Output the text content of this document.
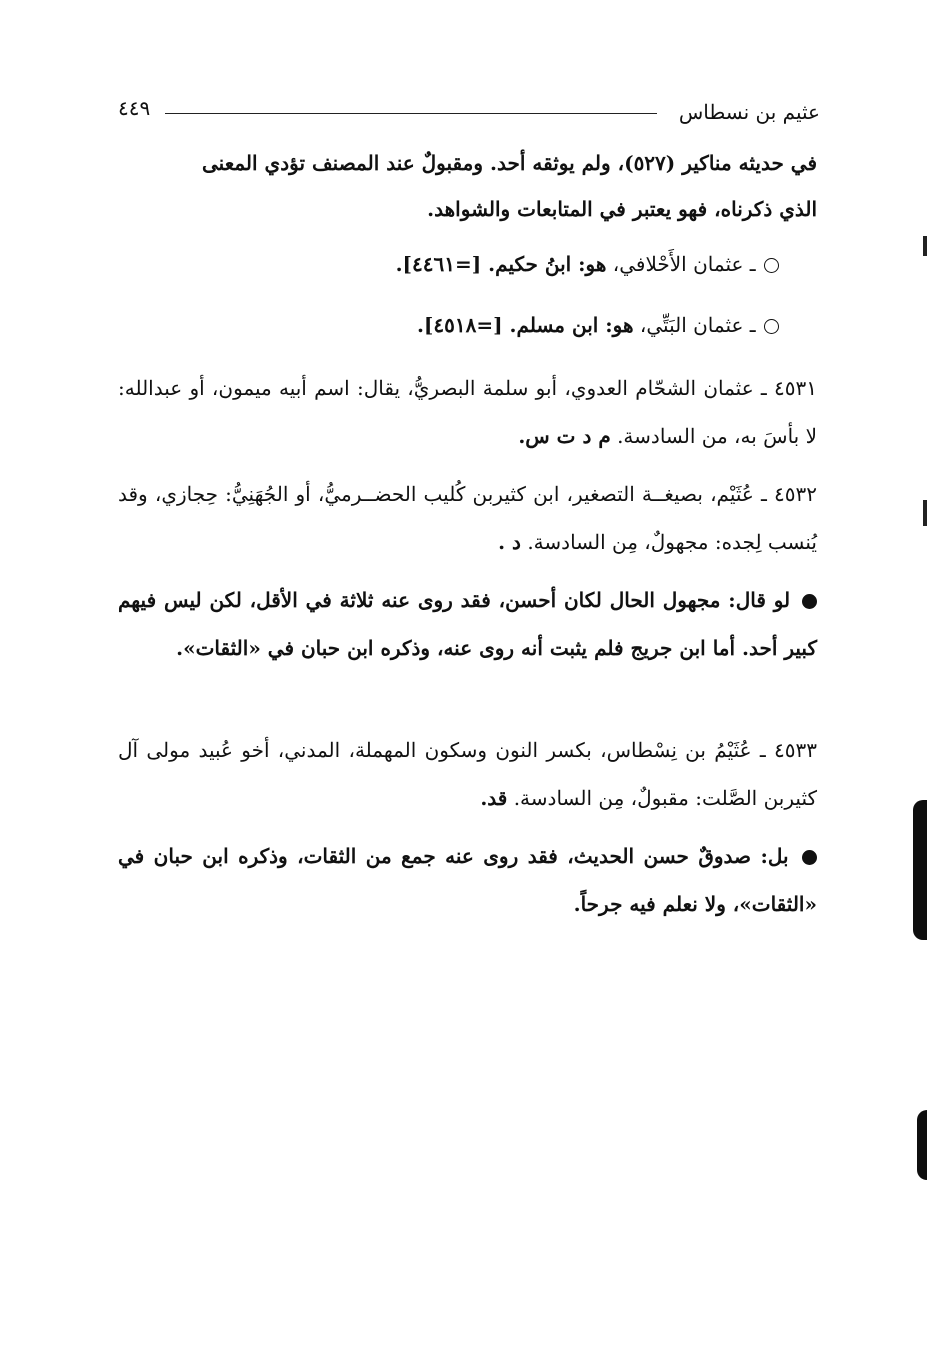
عثيم بن نسطاس
٤٤٩
في حديثه مناكير (٥٢٧)، ولم يوثقه أحد. ومقبولٌ عند المصنف تؤدي المعنى
الذي ذكرناه، فهو يعتبر في المتابعات والشواهد.
ـ عثمان الأَحْلافي، هو: ابنُ حكيم. [=٤٤٦١].
ـ عثمان البَتِّي، هو: ابن مسلم. [=٤٥١٨].
٤٥٣١ ـ عثمان الشحّام العدوي، أبو سلمة البصريُّ، يقال: اسم أبيه ميمون، أو عبدالله: لا بأسَ به، من السادسة. م د ت س.
٤٥٣٢ ـ عُثَيْم، بصيغــة التصغير، ابن كثيربن كُليب الحضــرميُّ، أو الجُهَنِيُّ: حِجازي، وقد يُنسب لِجده: مجهولٌ، مِن السادسة. د .
لو قال: مجهول الحال لكان أحسن، فقد روى عنه ثلاثة في الأقل، لكن ليس فيهم كبير أحد. أما ابن جريج فلم يثبت أنه روى عنه، وذكره ابن حبان في «الثقات».
٤٥٣٣ ـ عُثَيْمُ بن نِسْطاس، بكسر النون وسكون المهملة، المدني، أخو عُبيد مولى آل كثيربن الصَّلت: مقبولٌ، مِن السادسة. قد.
بل: صدوقٌ حسن الحديث، فقد روى عنه جمع من الثقات، وذكره ابن حبان في «الثقات»، ولا نعلم فيه جرحاً.
